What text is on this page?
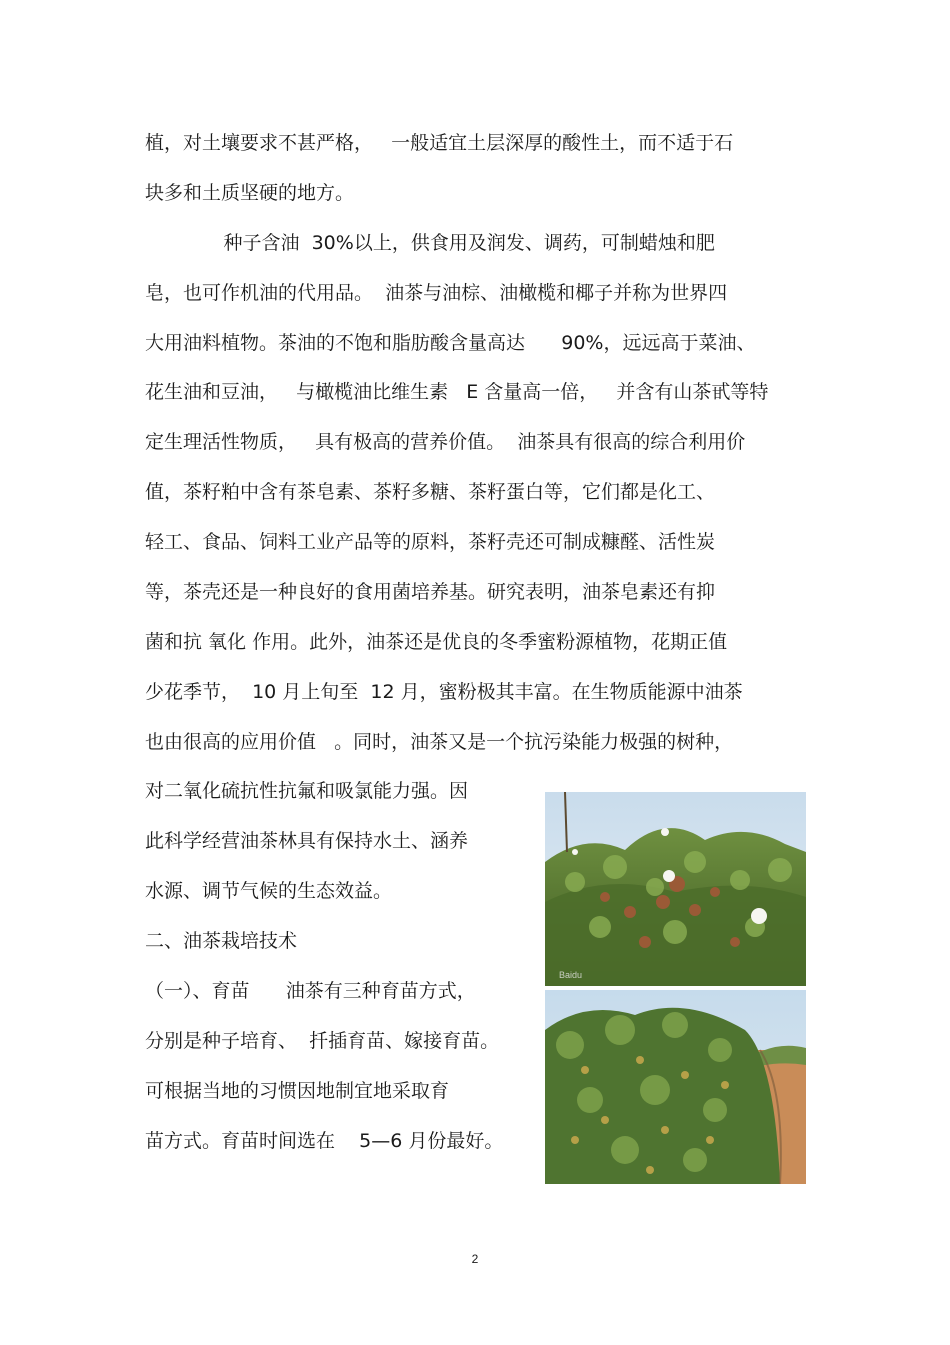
植，对土壤要求不甚严格，   一般适宜土层深厚的酸性土，而不适于石
块多和土质坚硬的地方。
种子含油  30%以上，供食用及润发、调药，可制蜡烛和肥
皂，也可作机油的代用品。  油茶与油棕、油橄榄和椰子并称为世界四
大用油料植物。茶油的不饱和脂肪酸含量高达      90%，远远高于菜油、
花生油和豆油，   与橄榄油比维生素   E 含量高一倍，   并含有山茶甙等特
定生理活性物质，   具有极高的营养价值。  油茶具有很高的综合利用价
值，茶籽粕中含有茶皂素、茶籽多糖、茶籽蛋白等，它们都是化工、
轻工、食品、饲料工业产品等的原料，茶籽壳还可制成糠醛、活性炭
等，茶壳还是一种良好的食用菌培养基。研究表明，油茶皂素还有抑
菌和抗 氧化 作用。此外，油茶还是优良的冬季蜜粉源植物，花期正值
少花季节，  10 月上旬至  12 月，蜜粉极其丰富。在生物质能源中油茶
也由很高的应用价值   。同时，油茶又是一个抗污染能力极强的树种，
对二氧化硫抗性抗氟和吸氯能力强。因
此科学经营油茶林具有保持水土、涵养
水源、调节气候的生态效益。
二、油茶栽培技术
（一）、育苗      油茶有三种育苗方式，
分别是种子培育、  扦插育苗、嫁接育苗。
可根据当地的习惯因地制宜地采取育
苗方式。育苗时间选在    5—6 月份最好。
Baidu
2
